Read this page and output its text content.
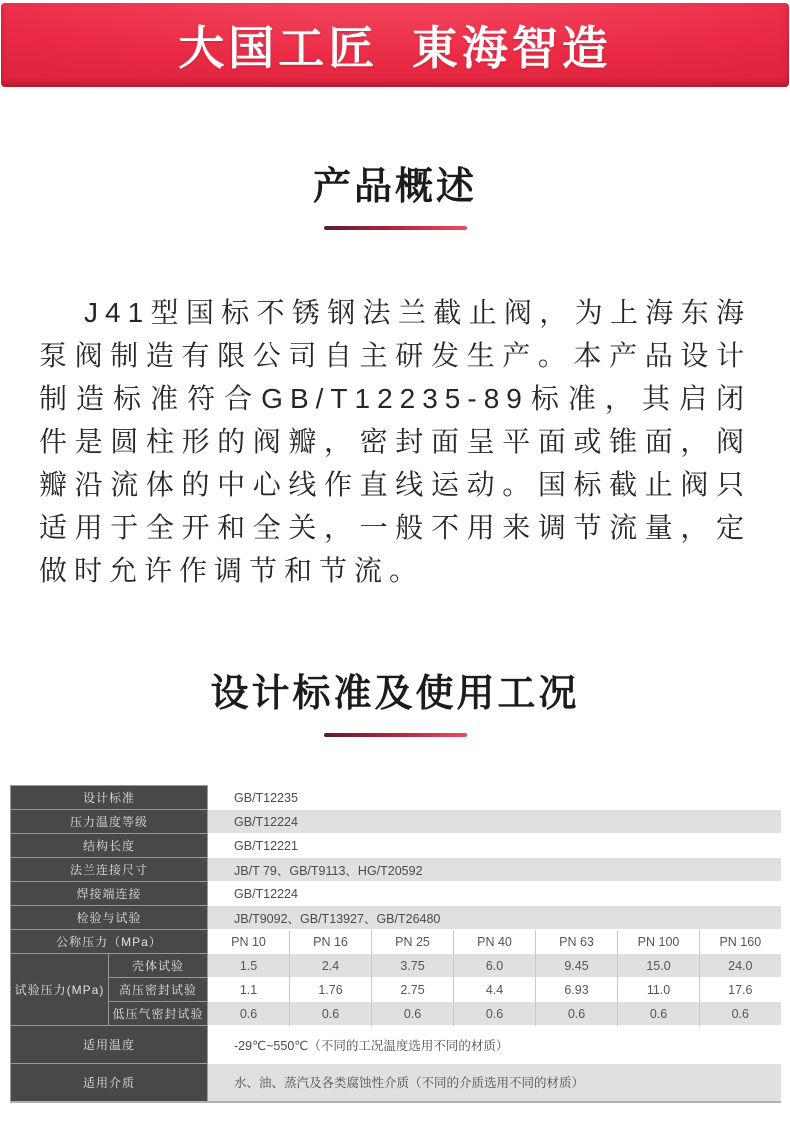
大国工匠  東海智造
产品概述

J41型国标不锈钢法兰截止阀，为上海东海泵阀制造有限公司自主研发生产。本产品设计制造标准符合GB/T12235-89标准，其启闭件是圆柱形的阀瓣，密封面呈平面或锥面，阀瓣沿流体的中心线作直线运动。国标截止阀只适用于全开和全关，一般不用来调节流量，定做时允许作调节和节流。

设计标准及使用工况
设计标准		GB/T12235						
压力温度等级		GB/T12224						
结构长度		GB/T12221						
法兰连接尺寸		JB/T 79、GB/T9113、HG/T20592						
焊接端连接		GB/T12224						
检验与试验		JB/T9092、GB/T13927、GB/T26480						
公称压力（MPa）		PN 10	PN 16	PN 25	PN 40	PN 63	PN 100	PN 160
试验压力(MPa)	壳体试验	1.5	2.4	3.75	6.0	9.45	15.0	24.0
	高压密封试验	1.1	1.76	2.75	4.4	6.93	11.0	17.6
	低压气密封试验	0.6	0.6	0.6	0.6	0.6	0.6	0.6
适用温度		-29℃~550℃（不同的工况温度选用不同的材质）						
适用介质		水、油、蒸汽及各类腐蚀性介质（不同的介质选用不同的材质）						
